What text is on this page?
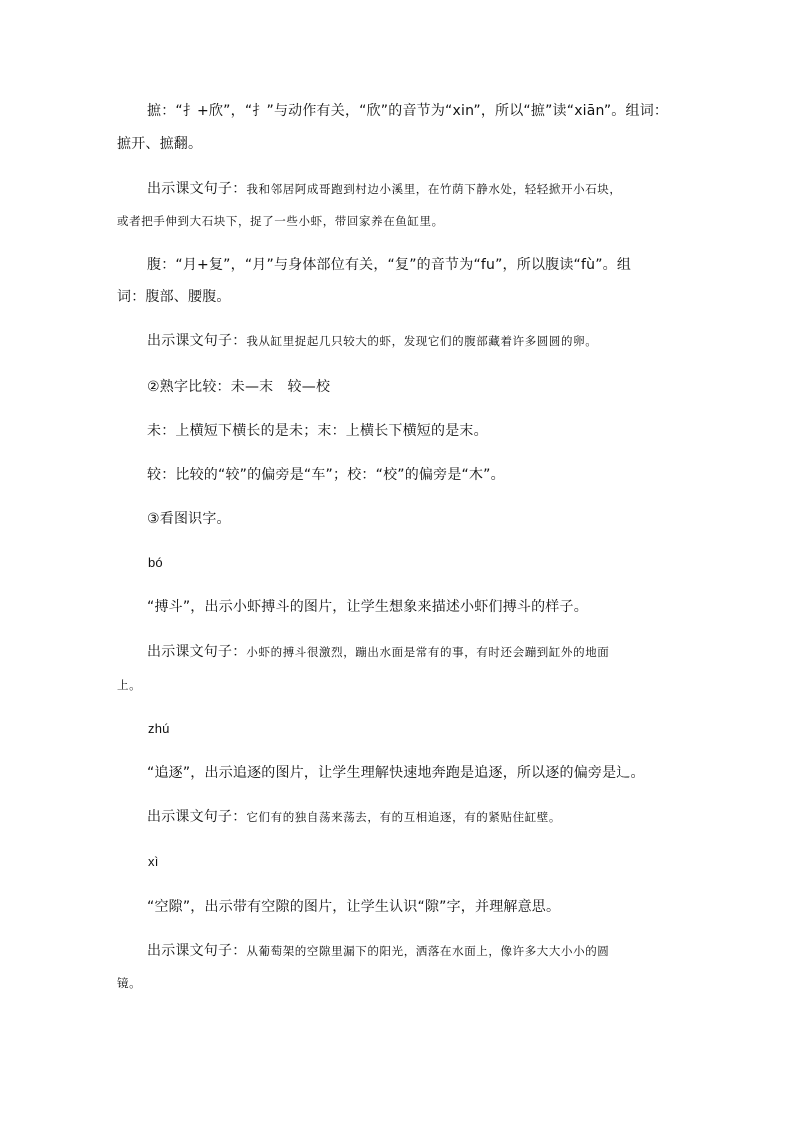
摭：“扌+欣”，“扌”与动作有关，“欣”的音节为“xin”，所以“摭”读“xiān”。组词：
摭开、摭翻。
出示课文句子：我和邻居阿成哥跑到村边小溪里，在竹荫下静水处，轻轻掀开小石块，
或者把手伸到大石块下，捉了一些小虾，带回家养在鱼缸里。
腹：“月+复”，“月”与身体部位有关，“复”的音节为“fu”，所以腹读“fù”。组
词：腹部、腰腹。
出示课文句子：我从缸里捉起几只较大的虾，发现它们的腹部藏着许多圆圆的卵。
②熟字比较：未—末　较—校
未：上横短下横长的是未；末：上横长下横短的是末。
较：比较的“较”的偏旁是“车”；校：“校”的偏旁是“木”。
③看图识字。
bó
“搏斗”，出示小虾搏斗的图片，让学生想象来描述小虾们搏斗的样子。
出示课文句子：小虾的搏斗很激烈，蹦出水面是常有的事，有时还会蹦到缸外的地面
上。
zhú
“追逐”，出示追逐的图片，让学生理解快速地奔跑是追逐，所以逐的偏旁是辶。
出示课文句子：它们有的独自荡来荡去，有的互相追逐，有的紧贴住缸壁。
xì
“空隙”，出示带有空隙的图片，让学生认识“隙”字，并理解意思。
出示课文句子：从葡萄架的空隙里漏下的阳光，洒落在水面上，像许多大大小小的圆
镜。
